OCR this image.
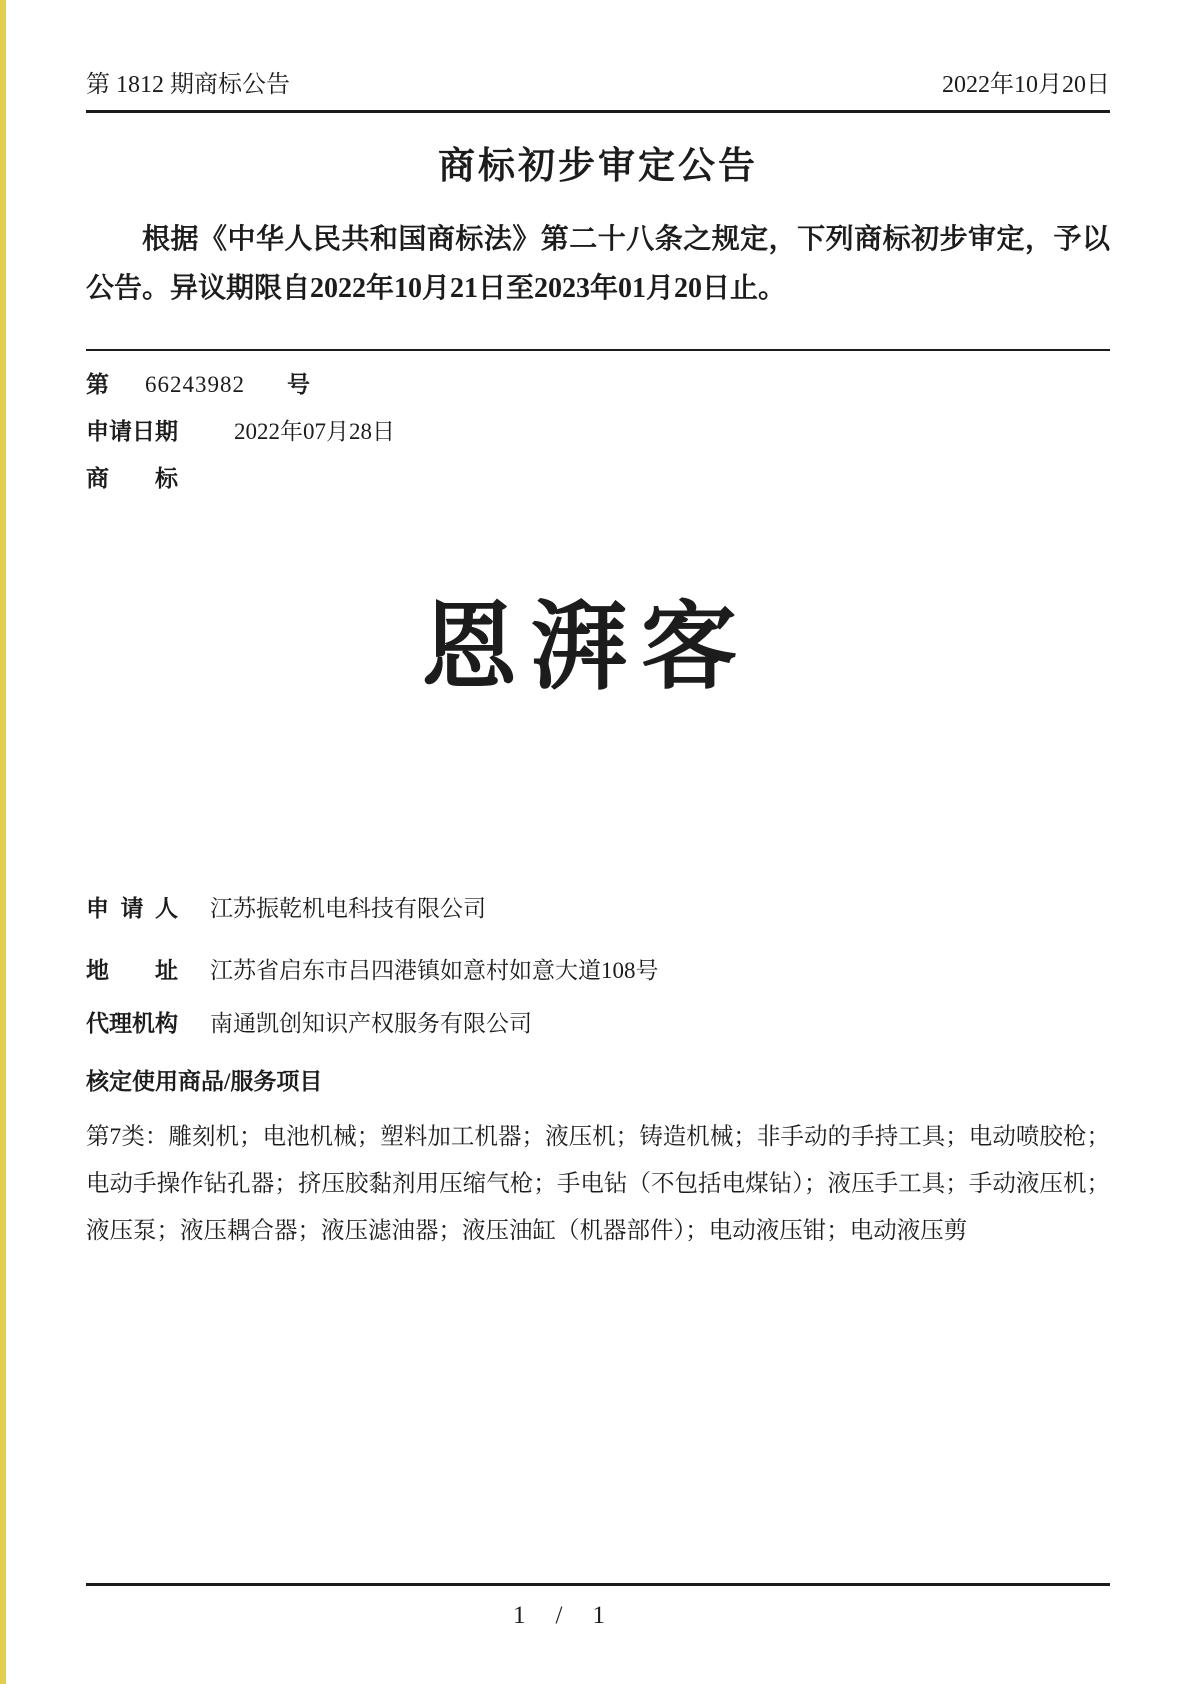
第 1812 期商标公告	2022年10月20日
商标初步审定公告

根据《中华人民共和国商标法》第二十八条之规定，下列商标初步审定，予以公告。异议期限自2022年10月21日至2023年01月20日止。

第 66243982 号
申请日期 2022年07月28日
商标
恩湃客
申请人 江苏振乾机电科技有限公司
地址 江苏省启东市吕四港镇如意村如意大道108号
代理机构 南通凯创知识产权服务有限公司
核定使用商品/服务项目

第7类：雕刻机；电池机械；塑料加工机器；液压机；铸造机械；非手动的手持工具；电动喷胶枪；电动手操作钻孔器；挤压胶黏剂用压缩气枪；手电钻（不包括电煤钻）；液压手工具；手动液压机；液压泵；液压耦合器；液压滤油器；液压油缸（机器部件）；电动液压钳；电动液压剪

1 / 1
